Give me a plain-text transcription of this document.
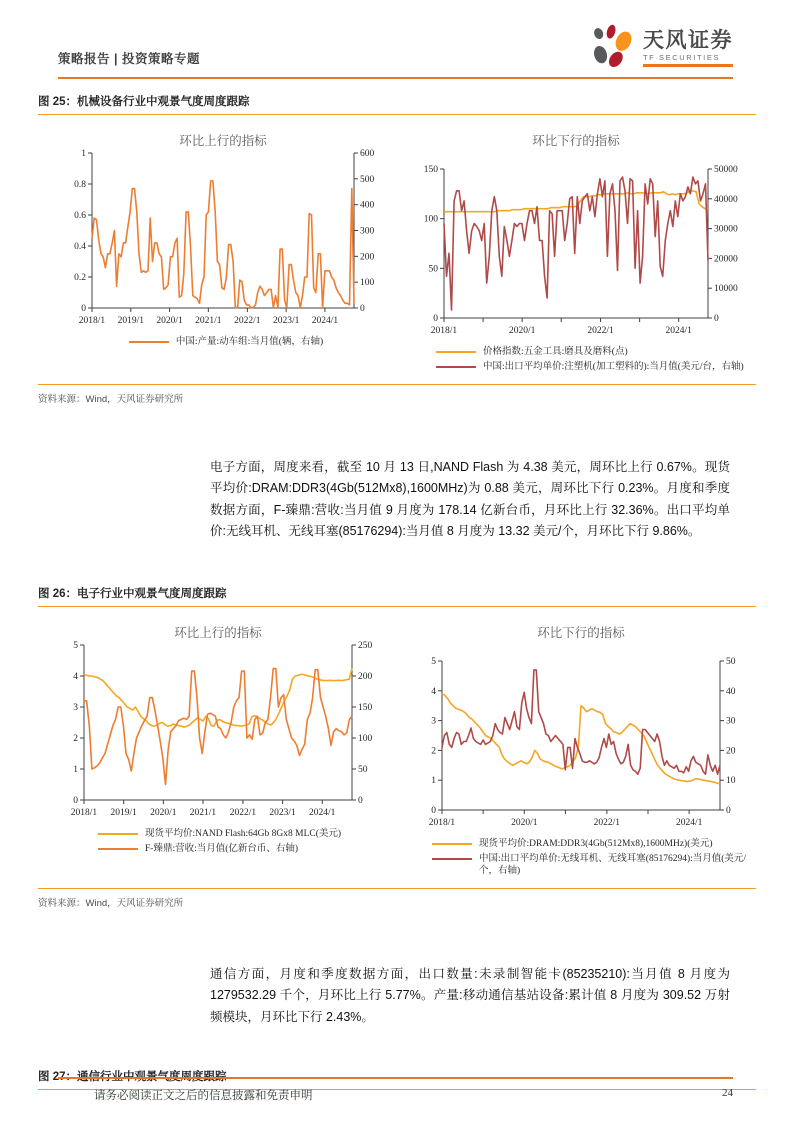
策略报告 | 投资策略专题
天风证券
TF SECURITIES
图 25：机械设备行业中观景气度周度跟踪
环比上行的指标
0
0.2
0.4
0.6
0.8
1
0
100
200
300
400
500
600
2018/1 2019/1 2020/1 2021/1 2022/1 2023/1 2024/1
中国:产量:动车组:当月值(辆，右轴)
环比下行的指标
0
50
100
150
0
10000
20000
30000
40000
50000
2018/1	2020/1	2022/1	2024/1
价格指数:五金工具:磨具及磨料(点)
中国:出口平均单价:注塑机(加工塑料的):当月值(美元/台，右轴)
资料来源：Wind，天风证券研究所

电子方面，周度来看，截至 10 月 13 日,NAND Flash 为 4.38 美元，周环比上行 0.67%。现货平均价:DRAM:DDR3(4Gb(512Mx8),1600MHz)为 0.88 美元，周环比下行 0.23%。月度和季度数据方面，F-臻鼎:营收:当月值 9 月度为 178.14 亿新台币，月环比上行 32.36%。出口平均单价:无线耳机、无线耳塞(85176294):当月值 8 月度为 13.32 美元/个，月环比下行 9.86%。

图 26：电子行业中观景气度周度跟踪
环比上行的指标
0
1
2
3
4
5
0
50
100
150
200
250
2018/1 2019/1 2020/1 2021/1 2022/1 2023/1 2024/1
现货平均价:NAND Flash:64Gb 8Gx8 MLC(美元)
F-臻鼎:营收:当月值(亿新台币、右轴)
环比下行的指标
0
1
2
3
4
5
0
10
20
30
40
50
2018/1	2020/1	2022/1	2024/1
现货平均价:DRAM:DDR3(4Gb(512Mx8),1600MHz)(美元)
中国:出口平均单价:无线耳机、无线耳塞(85176294):当月值(美元/个，右轴)
资料来源：Wind，天风证券研究所

通信方面，月度和季度数据方面，出口数量:未录制智能卡(85235210):当月值 8 月度为 1279532.29 千个，月环比上行 5.77%。产量:移动通信基站设备:累计值 8 月度为 309.52 万射频模块，月环比下行 2.43%。

图 27：通信行业中观景气度周度跟踪
请务必阅读正文之后的信息披露和免责申明	24
